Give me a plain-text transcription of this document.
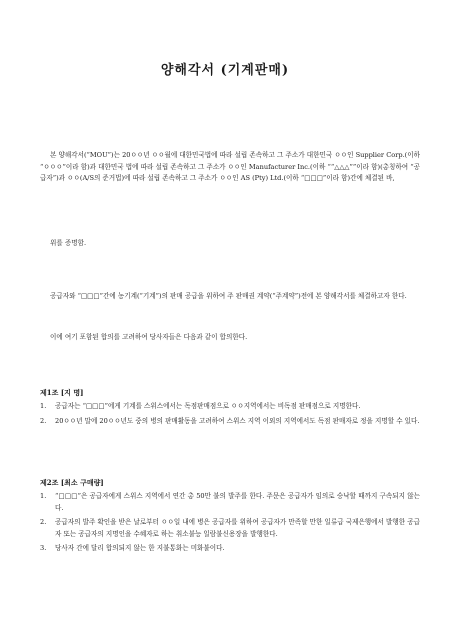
양해각서 (기계판매)

본 양해각서(“MOU”)는 20ㅇㅇ년 ㅇㅇ월에 대한민국법에 따라 설립 존속하고 그 주소가 대한민국 ㅇㅇ인 Supplier Corp.(이하 “ㅇㅇㅇ”이라 함)과 대한민국 법에 따라 설립 존속하고 그 주소가 ㅇㅇ인 Manufacturer Inc.(이하 ““△△△””이라 함)(총칭하여 “공급자”)과 ㅇㅇ(A/S의 준거법)에 따라 설립 존속하고 그 주소가 ㅇㅇ인 AS (Pty) Ltd.(이하 “□□□”이라 함)간에 체결된 바,

위를 증명함.

공급자와 “□□□”간에 농기계(“기계”)의 판매 공급을 위하여 주 판매권 계약(“주계약”)전에 본 양해각서를 체결하고자 한다.

이에 여기 포함된 합의를 고려하여 당사자들은 다음과 같이 합의한다.

제1조 [지 명]
1. 공급자는 “□□□”에게 기계를 스위스에서는 독점판매점으로 ㅇㅇ지역에서는 비독점 판매점으로 지명한다.
2. 20ㅇㅇ년 말에 20ㅇㅇ년도 중의 병의 판매활동을 고려하여 스위스 지역 이외의 지역에서도 독점 판매자로 정을 지명할 수 있다.
제2조 [최소 구매량]
1. “□□□”은 공급자에게 스위스 지역에서 연간 총 50만 불의 발주를 한다. 주문은 공급자가 임의로 승낙할 때까지 구속되지 않는다.
2. 공급자의 발주 확인을 받은 날로부터 ㅇㅇ일 내에 병은 공급자를 위하여 공급자가 만족할 만한 일류급 국제은행에서 발행한 공급자 또는 공급자의 지명인을 수혜자로 하는 취소불능 일람불신용장을 발행한다.
3. 당사자 간에 달리 합의되지 않는 한 지불통화는 미화불이다.
